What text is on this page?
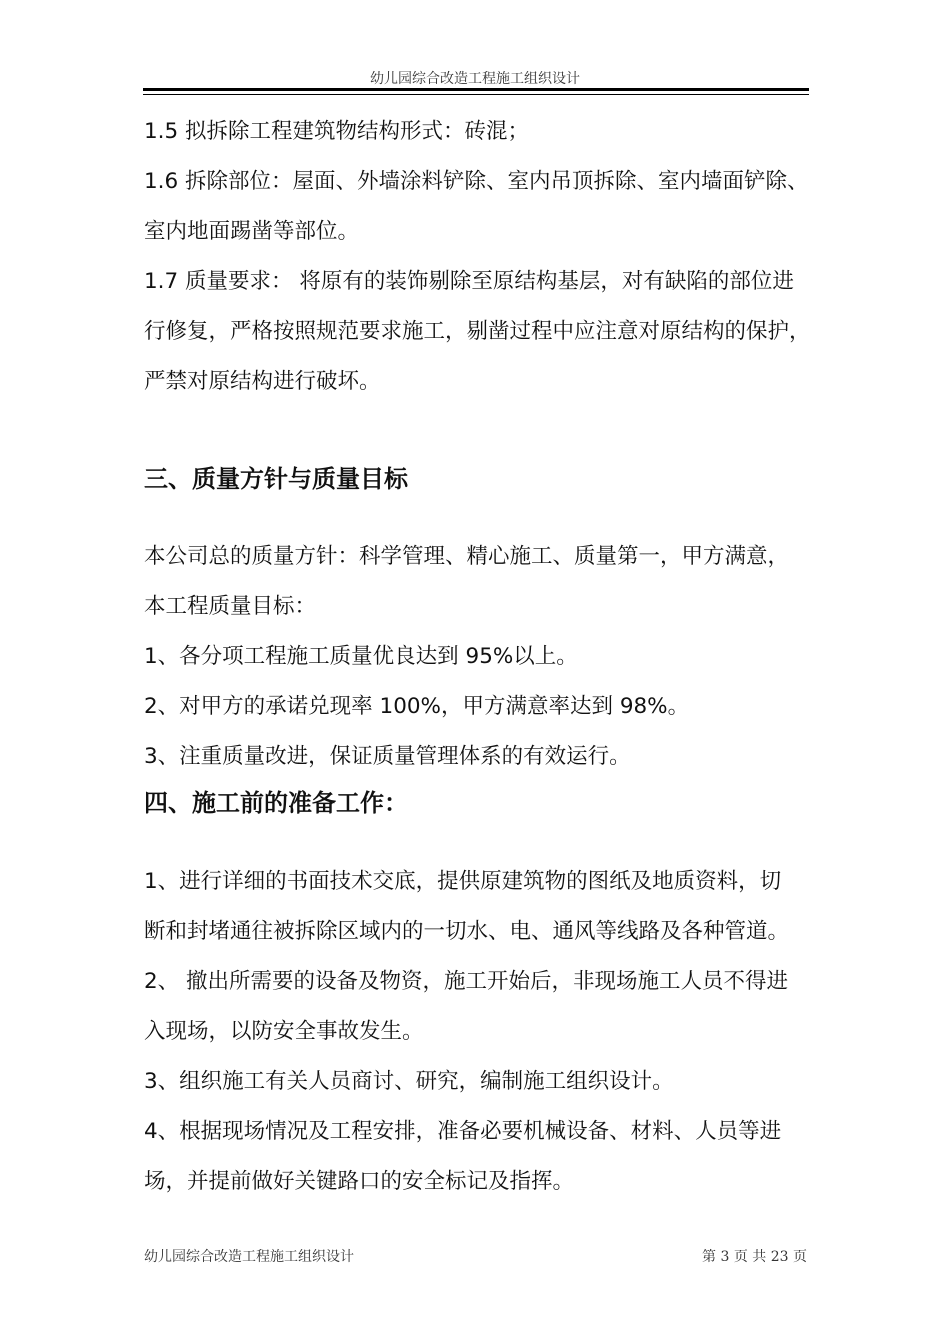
幼儿园综合改造工程施工组织设计
1.5 拟拆除工程建筑物结构形式：砖混；
1.6 拆除部位：屋面、外墙涂料铲除、室内吊顶拆除、室内墙面铲除、
室内地面踢凿等部位。
1.7 质量要求： 将原有的装饰剔除至原结构基层，对有缺陷的部位进
行修复，严格按照规范要求施工，剔凿过程中应注意对原结构的保护，
严禁对原结构进行破坏。
三、质量方针与质量目标
本公司总的质量方针：科学管理、精心施工、质量第一，甲方满意，
本工程质量目标：
1、各分项工程施工质量优良达到 95%以上。
2、对甲方的承诺兑现率 100%，甲方满意率达到 98%。
3、注重质量改进，保证质量管理体系的有效运行。
四、施工前的准备工作：
1、进行详细的书面技术交底，提供原建筑物的图纸及地质资料，切
断和封堵通往被拆除区域内的一切水、电、通风等线路及各种管道。
2、 撤出所需要的设备及物资，施工开始后，非现场施工人员不得进
入现场，以防安全事故发生。
3、组织施工有关人员商讨、研究，编制施工组织设计。
4、根据现场情况及工程安排，准备必要机械设备、材料、人员等进
场，并提前做好关键路口的安全标记及指挥。
幼儿园综合改造工程施工组织设计	第 3 页 共 23 页
